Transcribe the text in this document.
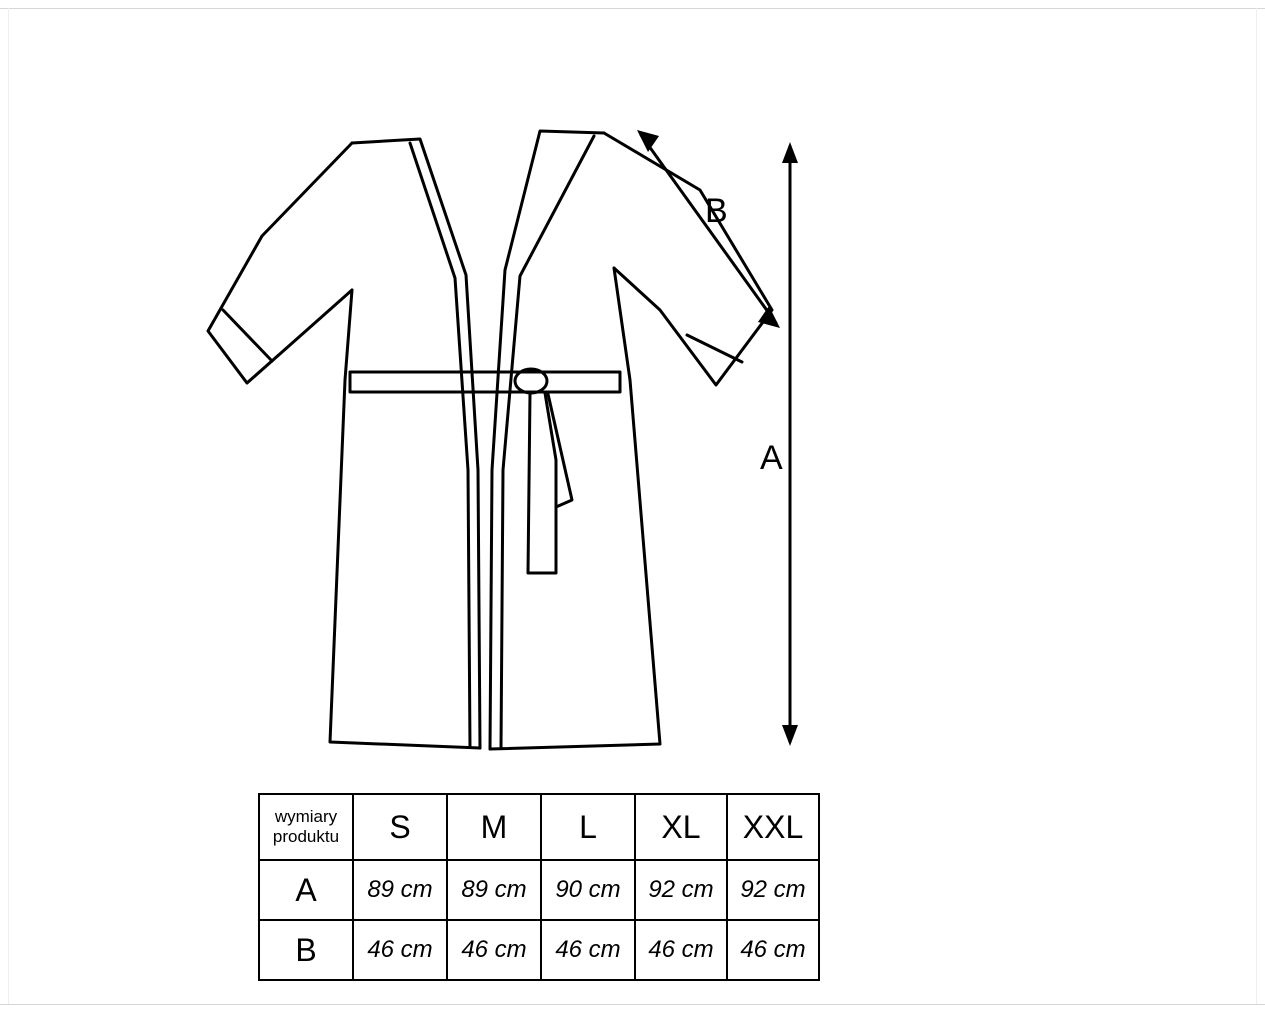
A
B
wymiary
produktu	S	M	L	XL	XXL
A	89 cm	89 cm	90 cm	92 cm	92 cm
B	46 cm	46 cm	46 cm	46 cm	46 cm
